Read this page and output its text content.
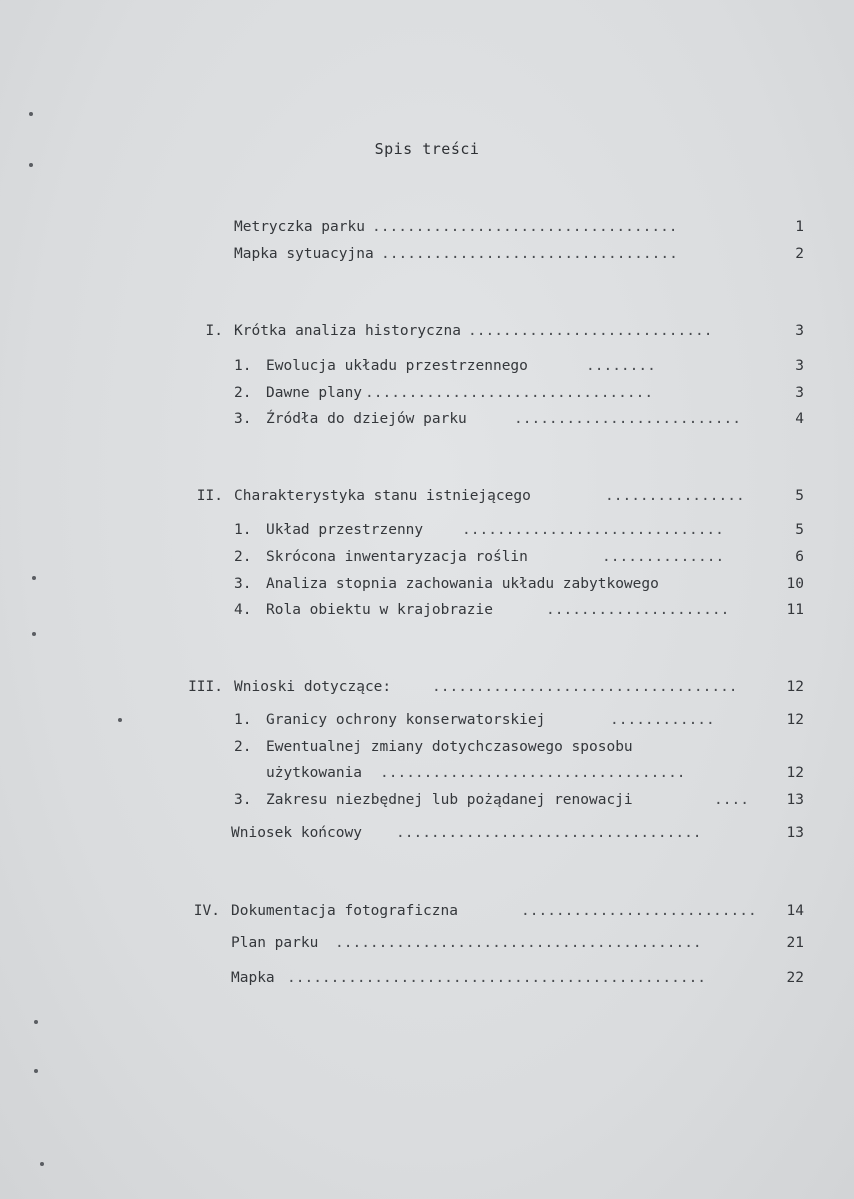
Spis treści
Metryczka parku ...................................	1
Mapka sytuacyjna ..................................	2
I. Krótka analiza historyczna ............................	3
1. Ewolucja układu przestrzennego	........	3
2. Dawne plany .................................	3
3. Źródła do dziejów parku	..........................	4
II. Charakterystyka stanu istniejącego	................	5
1. Układ przestrzenny	..............................	5
2. Skrócona inwentaryzacja roślin	..............	6
3. Analiza stopnia zachowania układu zabytkowego	10
4. Rola obiektu w krajobrazie	.....................	11
III. Wnioski dotyczące:	...................................	12
1. Granicy ochrony konserwatorskiej	............	12
2. Ewentualnej zmiany dotychczasowego sposobu
użytkowania ...................................	12
3. Zakresu niezbędnej lub pożądanej renowacji	....	13
Wniosek końcowy ...................................	13
IV. Dokumentacja fotograficzna	...........................	14
Plan parku ..........................................	21
Mapka ................................................	22
